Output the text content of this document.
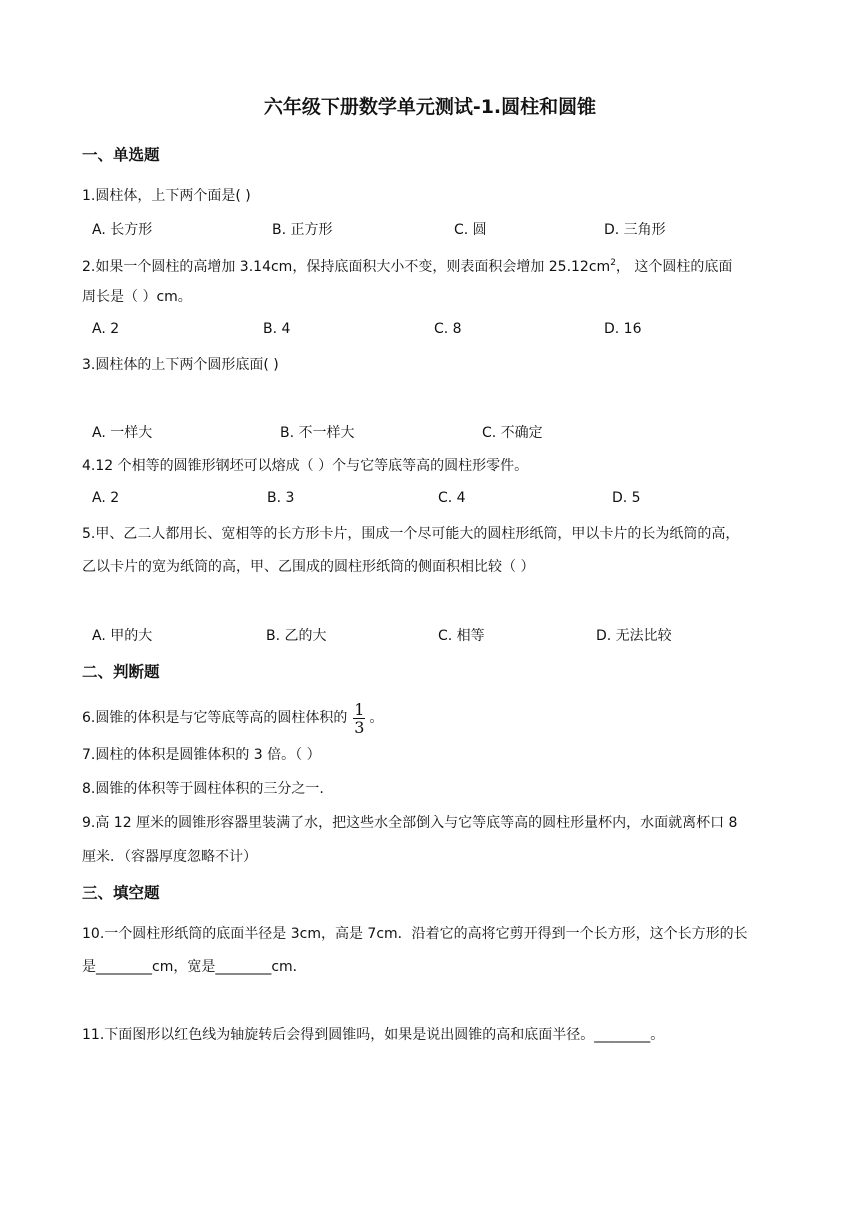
六年级下册数学单元测试-1.圆柱和圆锥
一、单选题
1.圆柱体，上下两个面是( )
A. 长方形	B. 正方形	C. 圆	D. 三角形
2.如果一个圆柱的高增加 3.14cm，保持底面积大小不变，则表面积会增加 $25.12cm^2$， 这个圆柱的底面
周长是（ ）cm。
A. 2	B. 4	C. 8	D. 16
3.圆柱体的上下两个圆形底面( )
A. 一样大	B. 不一样大	C. 不确定
4.12 个相等的圆锥形钢坯可以熔成（ ）个与它等底等高的圆柱形零件。
A. 2	B. 3	C. 4	D. 5
5.甲、乙二人都用长、宽相等的长方形卡片，围成一个尽可能大的圆柱形纸筒，甲以卡片的长为纸筒的高，
乙以卡片的宽为纸筒的高，甲、乙围成的圆柱形纸筒的侧面积相比较（ ）
A. 甲的大	B. 乙的大	C. 相等	D. 无法比较
二、判断题
6.圆锥的体积是与它等底等高的圆柱体积的 $\frac{1}{3}$ 。
7.圆柱的体积是圆锥体积的 3 倍。（ ）
8.圆锥的体积等于圆柱体积的三分之一.
9.高 12 厘米的圆锥形容器里装满了水，把这些水全部倒入与它等底等高的圆柱形量杯内，水面就离杯口 8
厘米．（容器厚度忽略不计）
三、填空题
10.一个圆柱形纸筒的底面半径是 3cm，高是 7cm．沿着它的高将它剪开得到一个长方形，这个长方形的长
是________cm，宽是________cm．
11.下面图形以红色线为轴旋转后会得到圆锥吗，如果是说出圆锥的高和底面半径。________。
